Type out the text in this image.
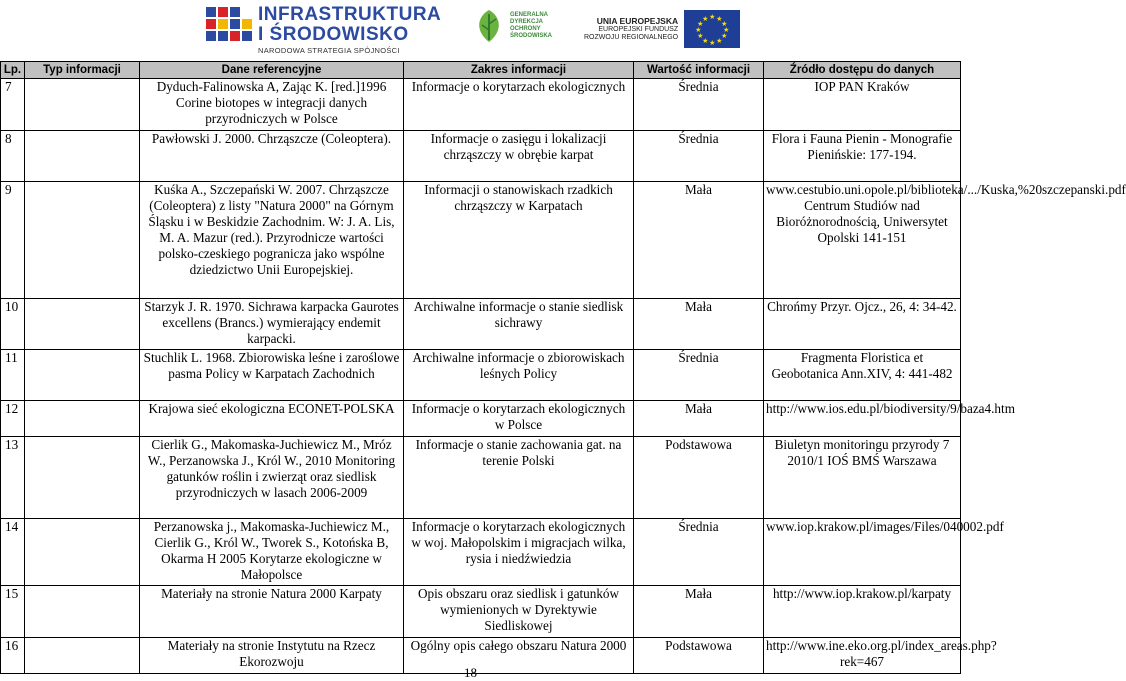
INFRASTRUKTURA
I ŚRODOWISKO
NARODOWA STRATEGIA SPÓJNOŚCI
GENERALNA
DYREKCJA
OCHRONY
ŚRODOWISKA
UNIA EUROPEJSKA
EUROPEJSKI FUNDUSZ
ROZWOJU REGIONALNEGO
★ ★
★
★
★
★
★
★
★
★
★
★
Lp.	Typ informacji	Dane referencyjne	Zakres informacji	Wartość informacji	Źródło dostępu do danych
7		Dyduch-Falinowska A, Zając K. [red.]1996 Corine biotopes w integracji danych przyrodniczych w Polsce	Informacje o korytarzach ekologicznych	Średnia	IOP PAN Kraków
8		Pawłowski J. 2000. Chrząszcze (Coleoptera).	Informacje o zasięgu i lokalizacji chrząszczy w obrębie karpat	Średnia	Flora i Fauna Pienin - Monografie Pienińskie: 177-194.
9		Kuśka A., Szczepański W. 2007. Chrząszcze (Coleoptera) z listy "Natura 2000" na Górnym Śląsku i w Beskidzie Zachodnim. W: J. A. Lis, M. A. Mazur (red.). Przyrodnicze wartości polsko-czeskiego pogranicza jako wspólne dziedzictwo Unii Europejskiej.	Informacji o stanowiskach rzadkich chrząszczy w Karpatach	Mała	www.cestubio.uni.opole.pl/biblioteka/.../Kuska,%20szczepanski.pdf Centrum Studiów nad Bioróżnorodnością, Uniwersytet Opolski 141-151
10		Starzyk J. R. 1970. Sichrawa karpacka Gaurotes excellens (Brancs.) wymierający endemit karpacki.	Archiwalne informacje o stanie siedlisk sichrawy	Mała	Chrońmy Przyr. Ojcz., 26, 4: 34-42.
11		Stuchlik L. 1968. Zbiorowiska leśne i zaroślowe pasma Policy w Karpatach Zachodnich	Archiwalne informacje o zbiorowiskach leśnych Policy	Średnia	Fragmenta Floristica et Geobotanica Ann.XIV, 4: 441-482
12		Krajowa sieć ekologiczna ECONET-POLSKA	Informacje o korytarzach ekologicznych w Polsce	Mała	http://www.ios.edu.pl/biodiversity/9/baza4.htm
13		Cierlik G., Makomaska-Juchiewicz M., Mróz W., Perzanowska J., Król W., 2010 Monitoring gatunków roślin i zwierząt oraz siedlisk przyrodniczych w lasach 2006-2009	Informacje o stanie zachowania gat. na terenie Polski	Podstawowa	Biuletyn monitoringu przyrody 7 2010/1 IOŚ BMŚ Warszawa
14		Perzanowska j., Makomaska-Juchiewicz M., Cierlik G., Król W., Tworek S., Kotońska B, Okarma H 2005 Korytarze ekologiczne w Małopolsce	Informacje o korytarzach ekologicznych w woj. Małopolskim i migracjach wilka, rysia i niedźwiedzia	Średnia	www.iop.krakow.pl/images/Files/040002.pdf
15		Materiały na stronie Natura 2000 Karpaty	Opis obszaru oraz siedlisk i gatunków wymienionych w Dyrektywie Siedliskowej	Mała	http://www.iop.krakow.pl/karpaty
16		Materiały na stronie Instytutu na Rzecz Ekorozwoju	Ogólny opis całego obszaru Natura 2000	Podstawowa	http://www.ine.eko.org.pl/index_areas.php?rek=467
18
